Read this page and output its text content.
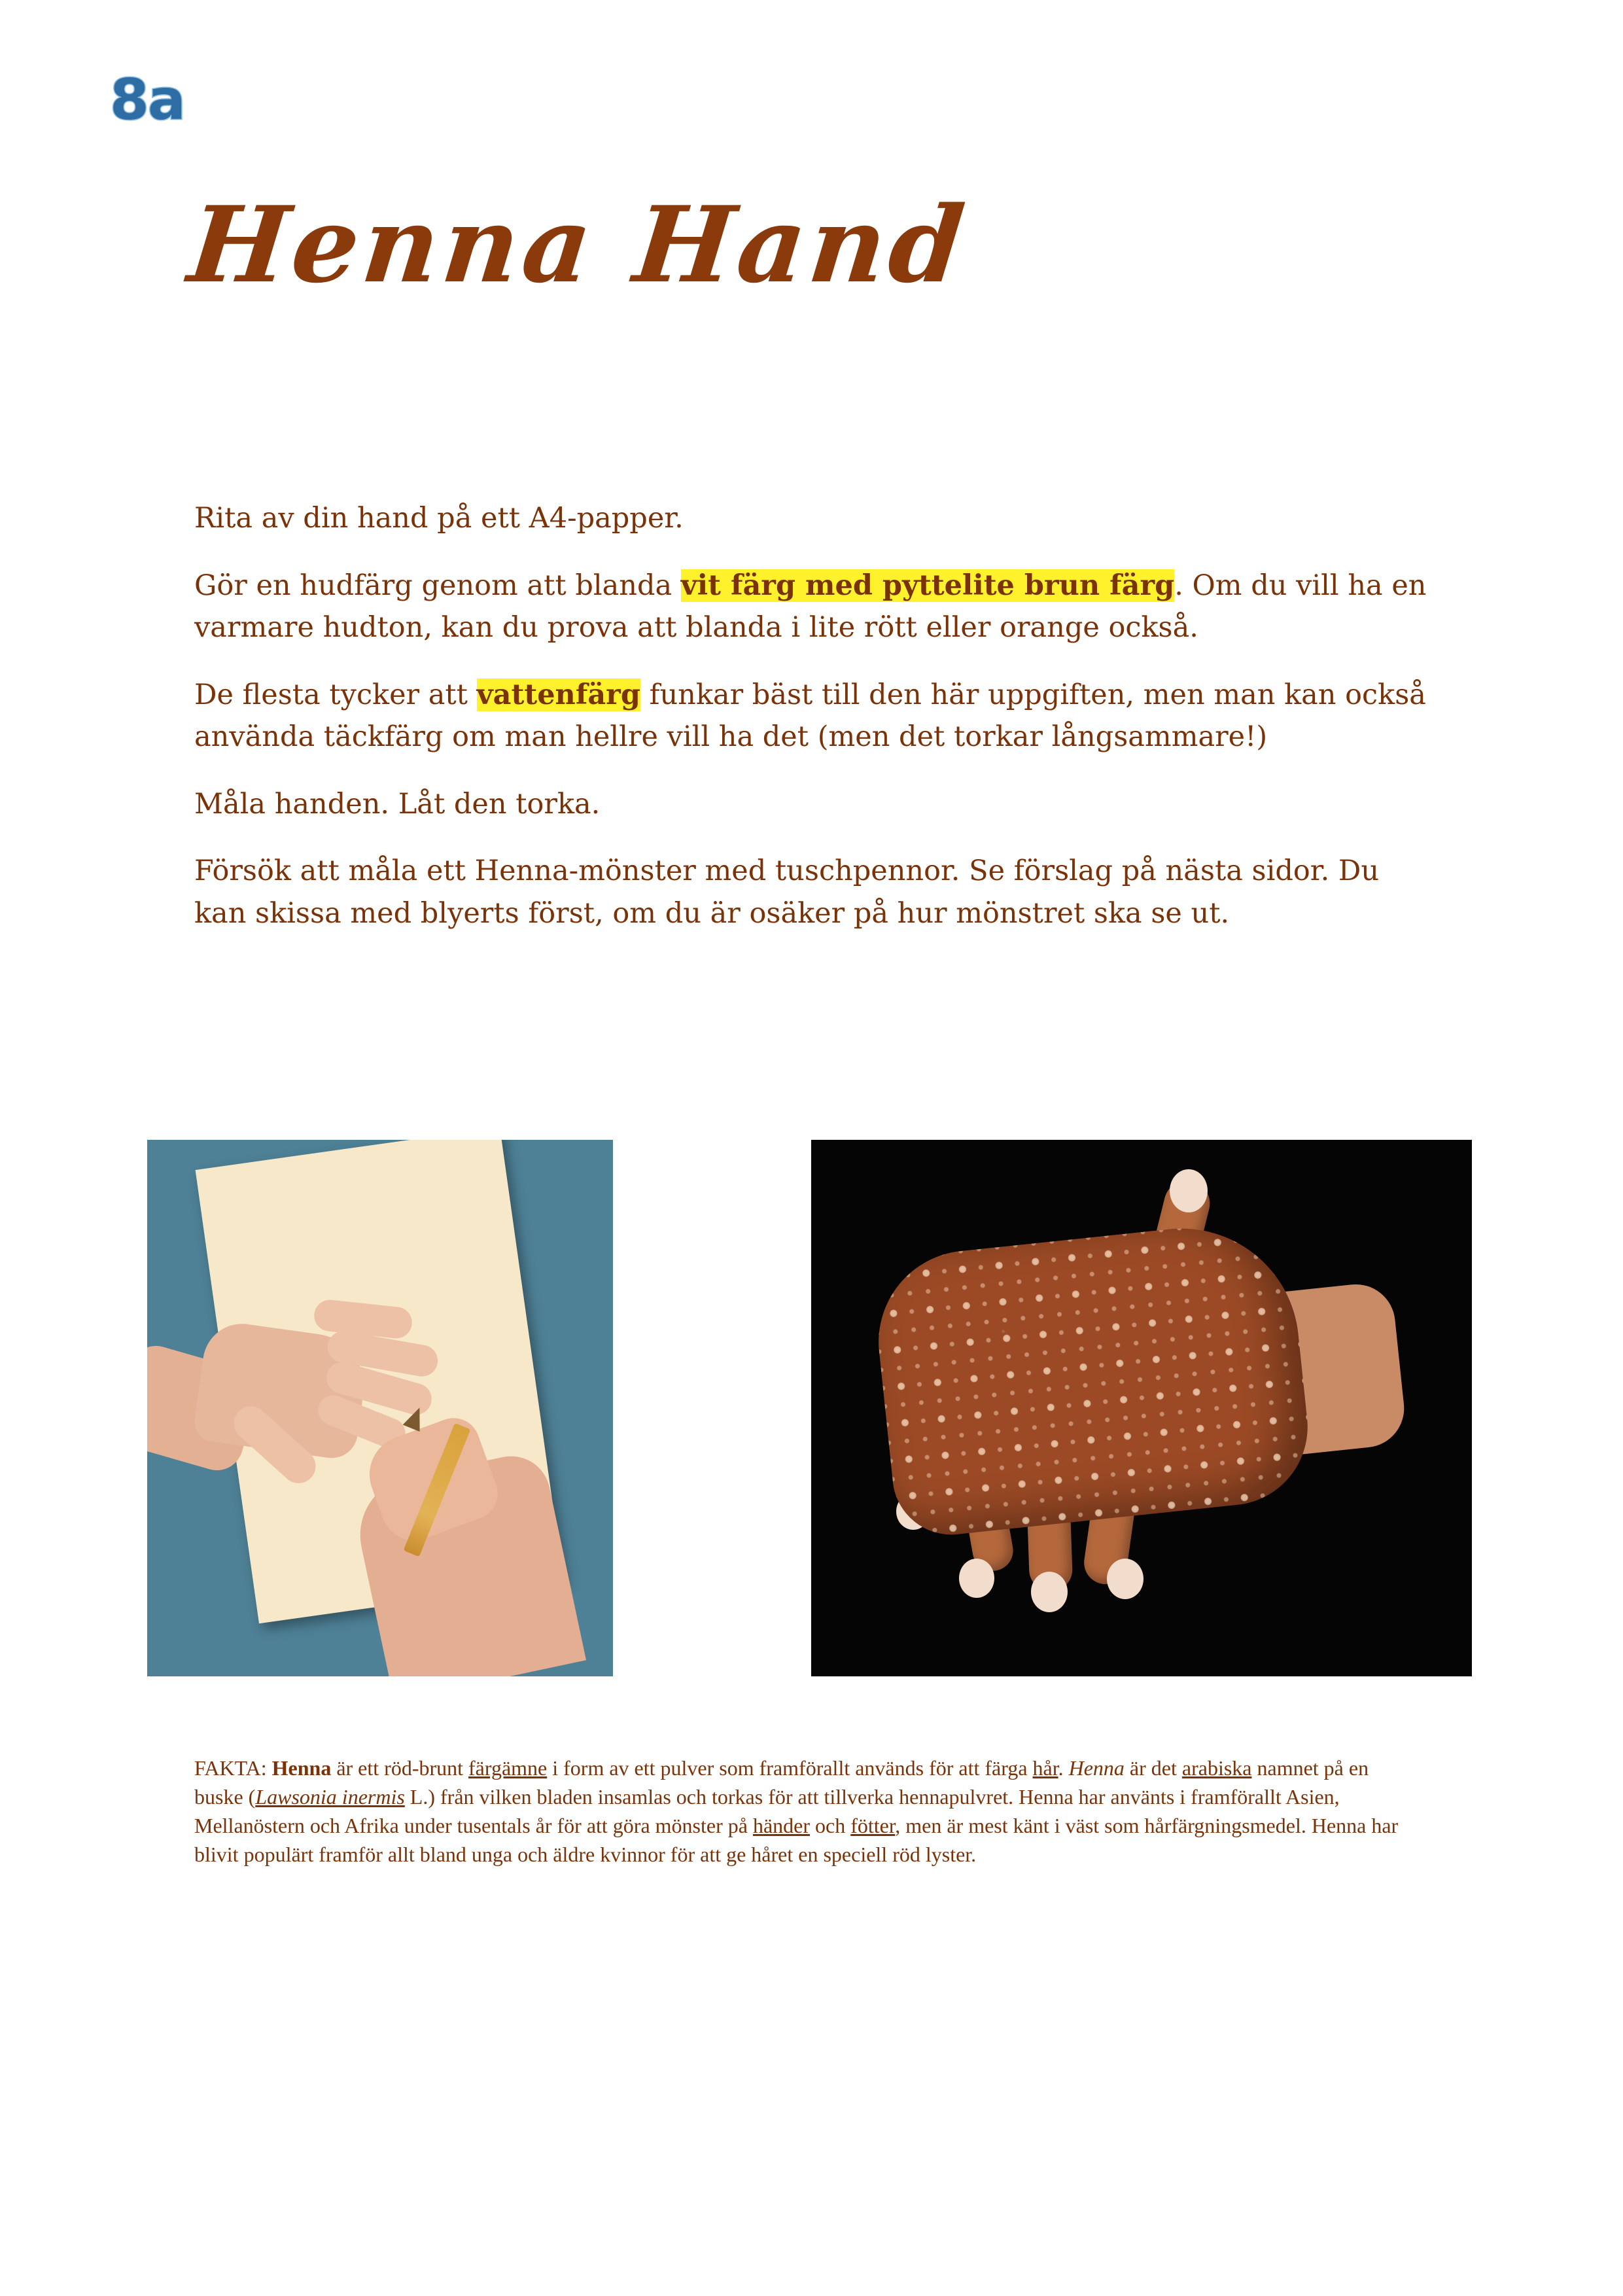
8a
Henna Hand

Rita av din hand på ett A4-papper.

Gör en hudfärg genom att blanda vit färg med pyttelite brun färg. Om du vill ha en varmare hudton, kan du prova att blanda i lite rött eller orange också.

De flesta tycker att vattenfärg funkar bäst till den här uppgiften, men man kan också använda täckfärg om man hellre vill ha det (men det torkar långsammare!)

Måla handen. Låt den torka.

Försök att måla ett Henna-mönster med tuschpennor. Se förslag på nästa sidor. Du kan skissa med blyerts först, om du är osäker på hur mönstret ska se ut.

FAKTA: Henna är ett röd-brunt färgämne i form av ett pulver som framförallt används för att färga hår. Henna är det arabiska namnet på en buske (Lawsonia inermis L.) från vilken bladen insamlas och torkas för att tillverka hennapulvret. Henna har använts i framförallt Asien, Mellanöstern och Afrika under tusentals år för att göra mönster på händer och fötter, men är mest känt i väst som hårfärgningsmedel. Henna har blivit populärt framför allt bland unga och äldre kvinnor för att ge håret en speciell röd lyster.
